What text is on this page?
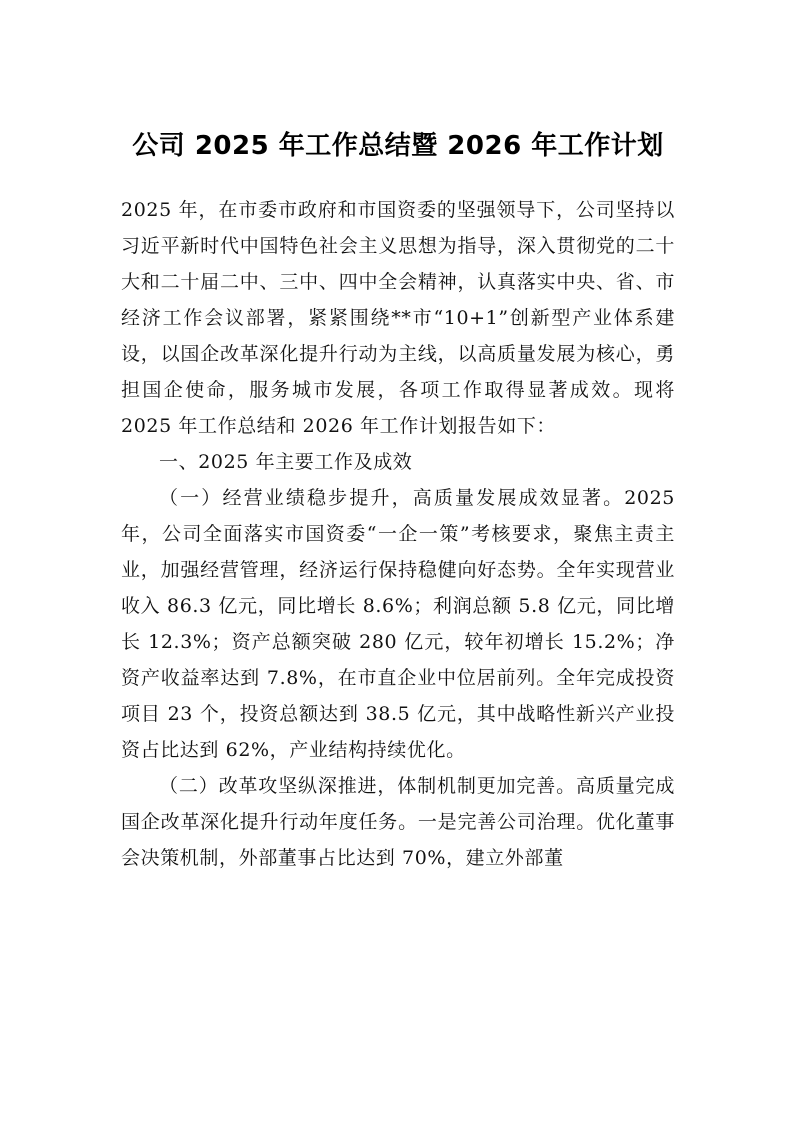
公司 2025 年工作总结暨 2026 年工作计划

2025 年，在市委市政府和市国资委的坚强领导下，公司坚持以习近平新时代中国特色社会主义思想为指导，深入贯彻党的二十大和二十届二中、三中、四中全会精神，认真落实中央、省、市经济工作会议部署，紧紧围绕**市“10+1”创新型产业体系建设，以国企改革深化提升行动为主线，以高质量发展为核心，勇担国企使命，服务城市发展，各项工作取得显著成效。现将 2025 年工作总结和 2026 年工作计划报告如下：

一、2025 年主要工作及成效

（一）经营业绩稳步提升，高质量发展成效显著。2025 年，公司全面落实市国资委“一企一策”考核要求，聚焦主责主业，加强经营管理，经济运行保持稳健向好态势。全年实现营业收入 86.3 亿元，同比增长 8.6%；利润总额 5.8 亿元，同比增长 12.3%；资产总额突破 280 亿元，较年初增长 15.2%；净资产收益率达到 7.8%，在市直企业中位居前列。全年完成投资项目 23 个，投资总额达到 38.5 亿元，其中战略性新兴产业投资占比达到 62%，产业结构持续优化。

（二）改革攻坚纵深推进，体制机制更加完善。高质量完成国企改革深化提升行动年度任务。一是完善公司治理。优化董事会决策机制，外部董事占比达到 70%，建立外部董
